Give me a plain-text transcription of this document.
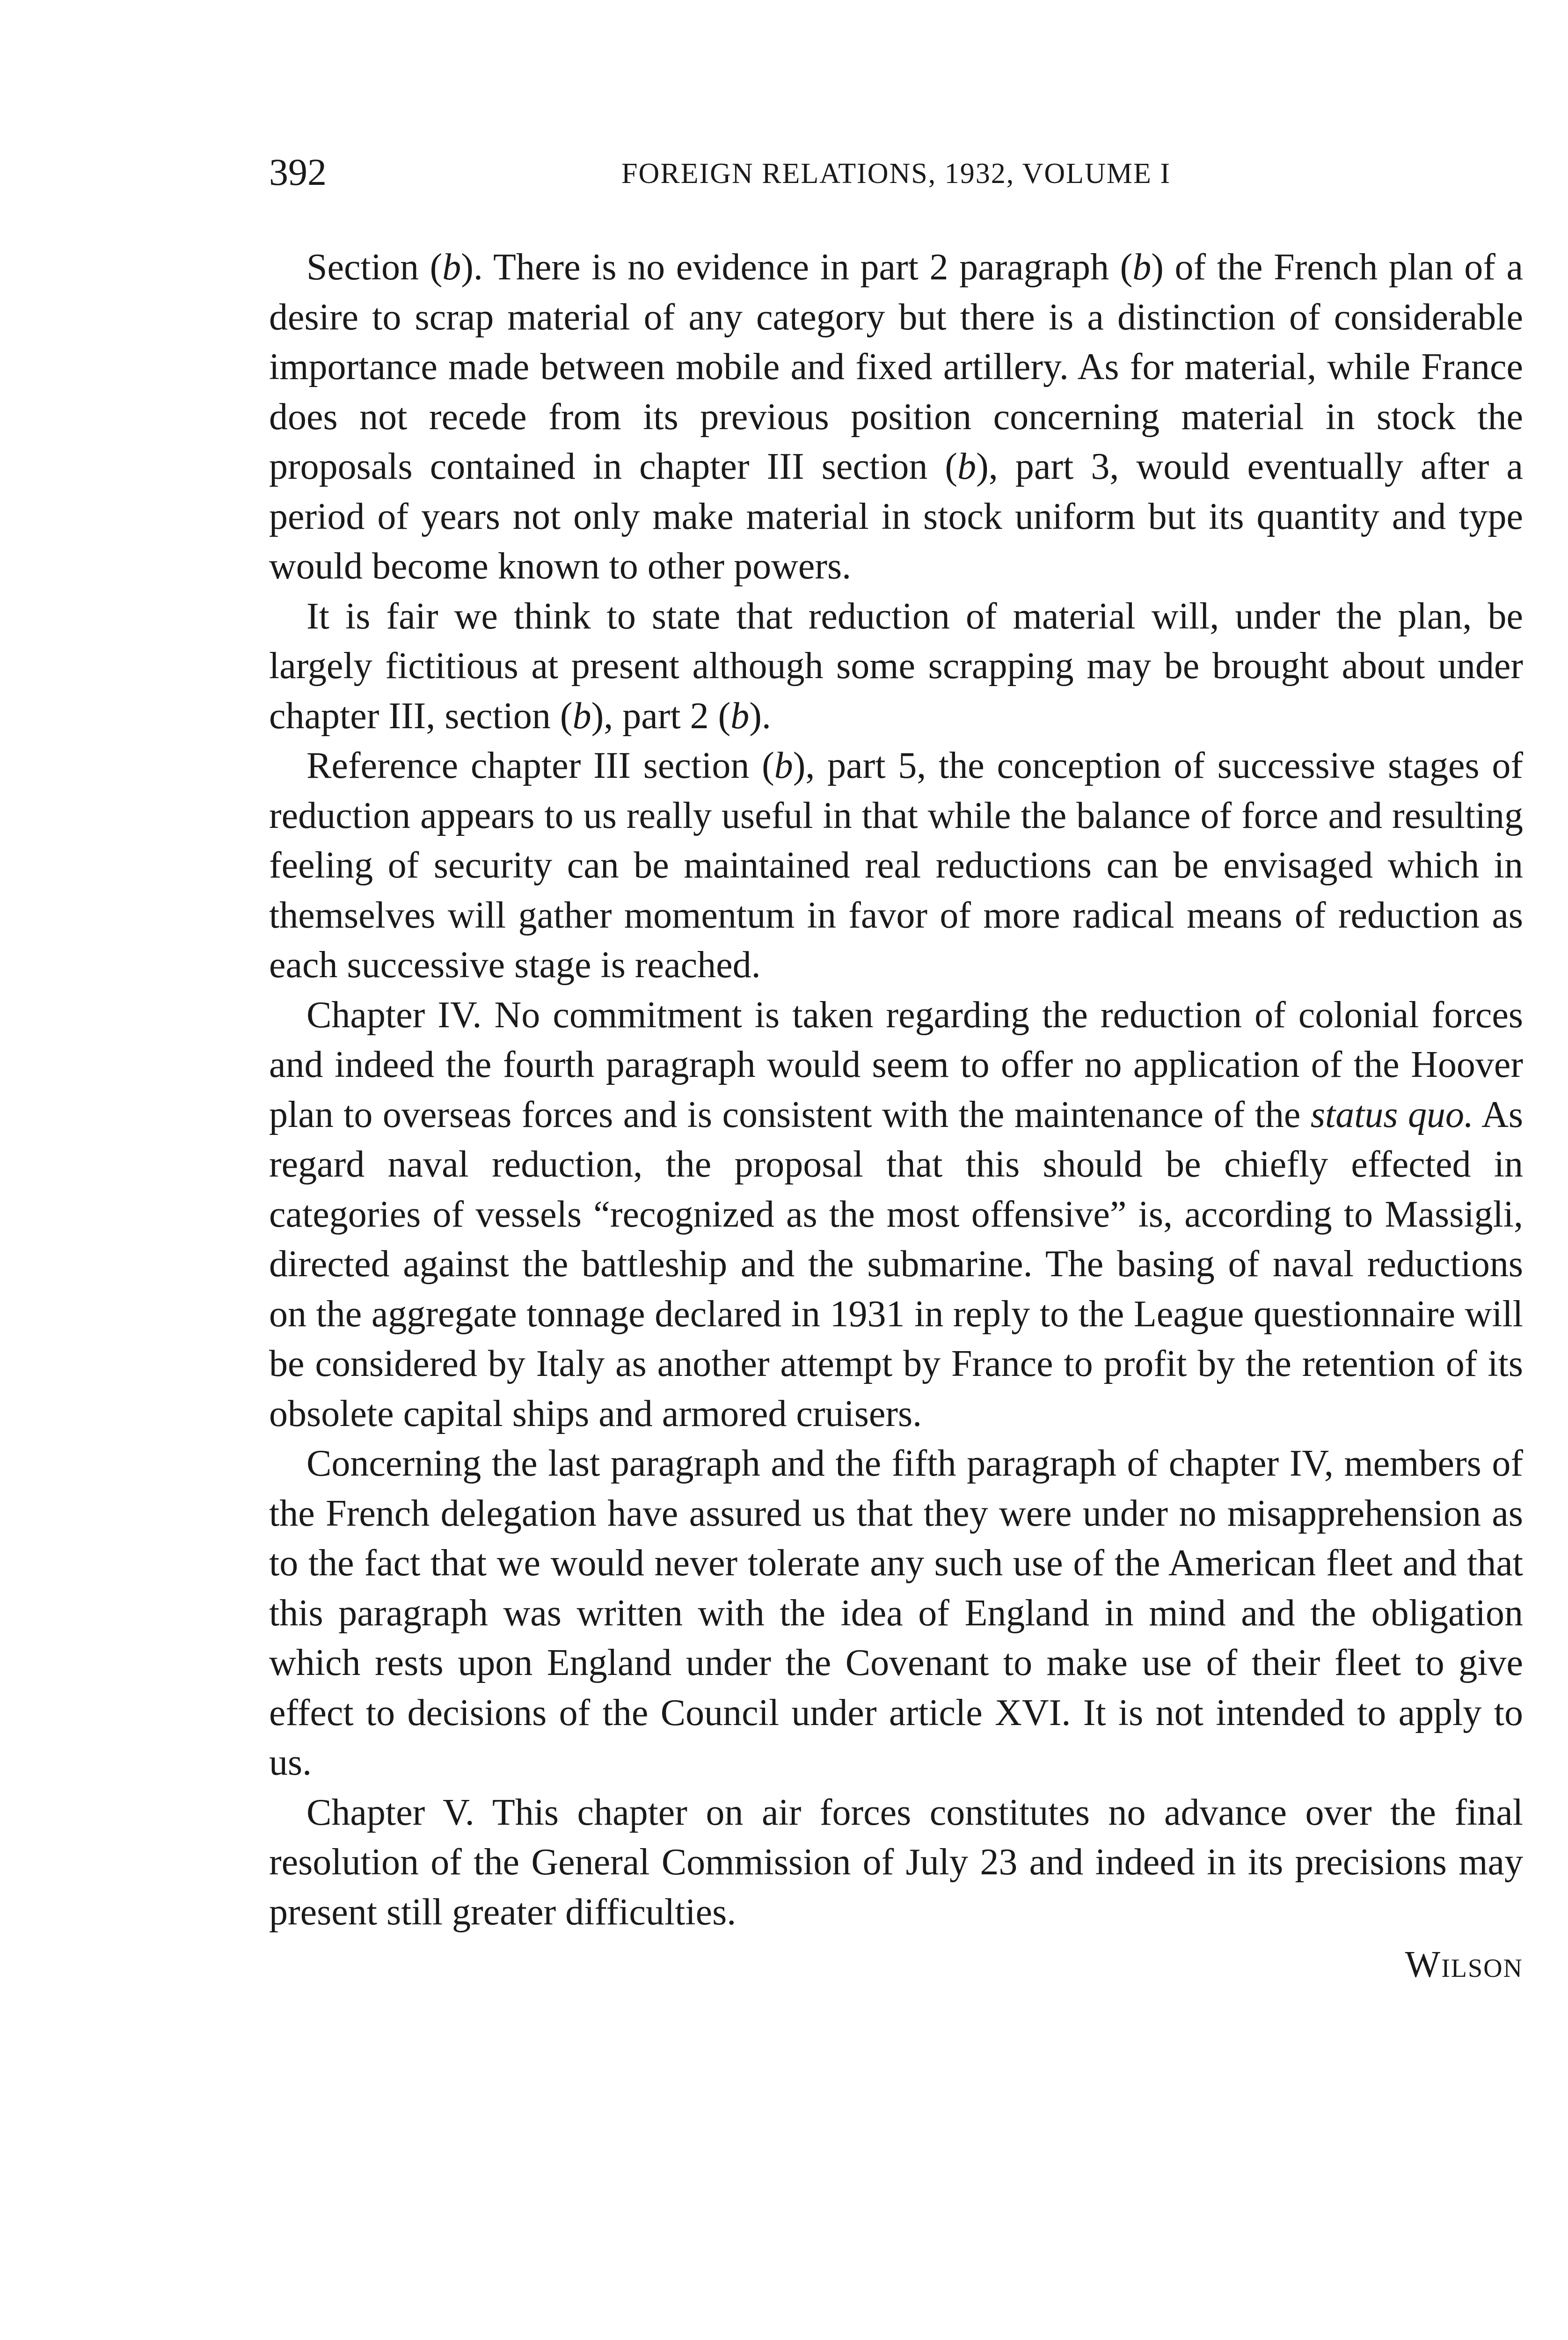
392	FOREIGN RELATIONS, 1932, VOLUME I

Section (b). There is no evidence in part 2 paragraph (b) of the French plan of a desire to scrap material of any category but there is a distinction of considerable importance made between mobile and fixed artillery. As for material, while France does not recede from its previous position concerning material in stock the proposals contained in chapter III section (b), part 3, would eventually after a period of years not only make material in stock uniform but its quantity and type would become known to other powers.

It is fair we think to state that reduction of material will, under the plan, be largely fictitious at present although some scrapping may be brought about under chapter III, section (b), part 2 (b).

Reference chapter III section (b), part 5, the conception of successive stages of reduction appears to us really useful in that while the balance of force and resulting feeling of security can be maintained real reductions can be envisaged which in themselves will gather momentum in favor of more radical means of reduction as each successive stage is reached.

Chapter IV. No commitment is taken regarding the reduction of colonial forces and indeed the fourth paragraph would seem to offer no application of the Hoover plan to overseas forces and is consistent with the maintenance of the status quo. As regard naval reduction, the proposal that this should be chiefly effected in categories of vessels “recognized as the most offensive” is, according to Massigli, directed against the battleship and the submarine. The basing of naval reductions on the aggregate tonnage declared in 1931 in reply to the League questionnaire will be considered by Italy as another attempt by France to profit by the retention of its obsolete capital ships and armored cruisers.

Concerning the last paragraph and the fifth paragraph of chapter IV, members of the French delegation have assured us that they were under no misapprehension as to the fact that we would never tolerate any such use of the American fleet and that this paragraph was written with the idea of England in mind and the obligation which rests upon England under the Covenant to make use of their fleet to give effect to decisions of the Council under article XVI. It is not intended to apply to us.

Chapter V. This chapter on air forces constitutes no advance over the final resolution of the General Commission of July 23 and indeed in its precisions may present still greater difficulties.

Wilson
